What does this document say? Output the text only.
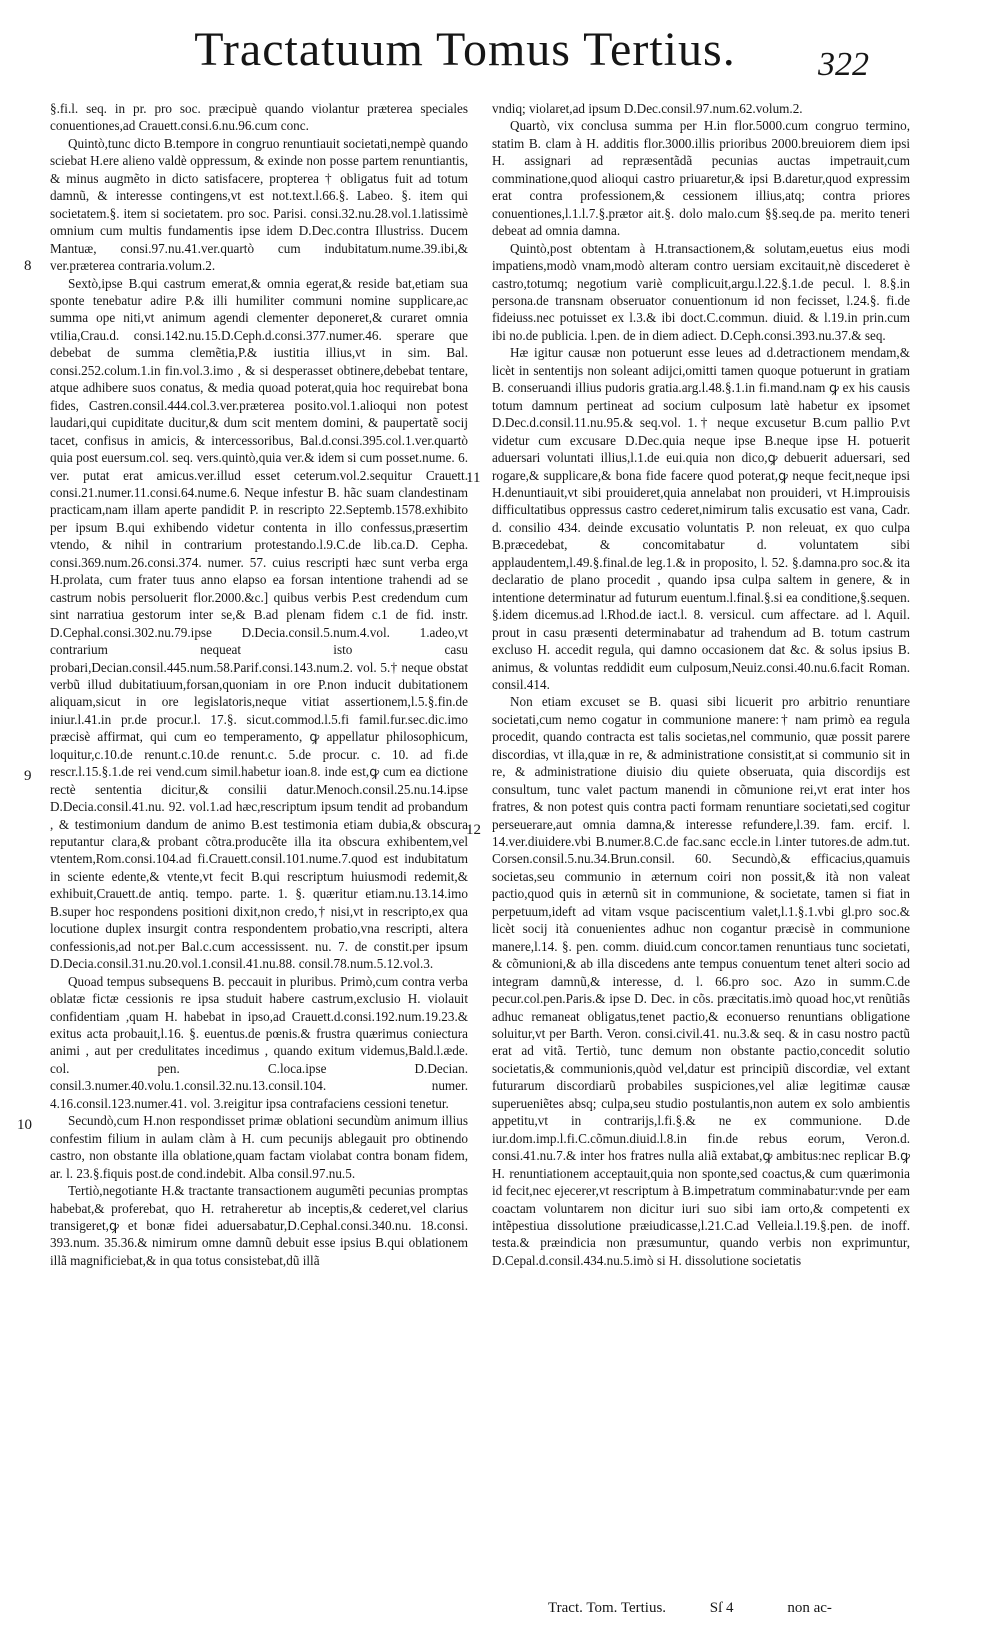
Tractatuum Tomus Tertius. 322

§.fi.l. seq. in pr. pro soc. præcipuè quando violantur præterea speciales conuentiones,ad Crauett.consi.6.nu.96.cum conc.

Quintò,tunc dicto B.tempore in congruo renuntiauit societati,nempè quando sciebat H.ere alieno valdè oppressum, & exinde non posse partem renuntiantis, & minus augmẽto in dicto satisfacere, propterea † obligatus fuit ad totum damnũ, & interesse contingens,vt est not.text.l.66.§. Labeo. §. item qui societatem.§. item si societatem. pro soc. Parisi. consi.32.nu.28.vol.1.latissimè omnium cum multis fundamentis ipse idem D.Dec.contra Illustriss. Ducem Mantuæ, consi.97.nu.41.ver.quartò cum indubitatum.nume.39.ibi,& ver.præterea contraria.volum.2.

Sextò,ipse B.qui castrum emerat,& omnia egerat,& reside bat,etiam sua sponte tenebatur adire P.& illi humiliter communi nomine supplicare,ac summa ope niti,vt animum agendi clementer deponeret,& curaret omnia vtilia,Crau.d. consi.142.nu.15.D.Ceph.d.consi.377.numer.46. sperare que debebat de summa clemẽtia,P.& iustitia illius,vt in sim. Bal. consi.252.colum.1.in fin.vol.3.imo , & si desperasset obtinere,debebat tentare, atque adhibere suos conatus, & media quoad poterat,quia hoc requirebat bona fides, Castren.consil.444.col.3.ver.præterea posito.vol.1.alioqui non potest laudari,qui cupiditate ducitur,& dum scit mentem domini, & paupertatẽ socij tacet, confisus in amicis, & intercessoribus, Bal.d.consi.395.col.1.ver.quartò quia post euersum.col. seq. vers.quintò,quia ver.& idem si cum posset.nume. 6. ver. putat erat amicus.ver.illud esset ceterum.vol.2.sequitur Crauett. consi.21.numer.11.consi.64.nume.6. Neque infestur B. hãc suam clandestinam practicam,nam illam aperte pandidit P. in rescripto 22.Septemb.1578.exhibito per ipsum B.qui exhibendo videtur contenta in illo confessus,præsertim vtendo, & nihil in contrarium protestando.l.9.C.de lib.ca.D. Cepha. consi.369.num.26.consi.374. numer. 57. cuius rescripti hæc sunt verba erga H.prolata, cum frater tuus anno elapso ea forsan intentione trahendi ad se castrum nobis persoluerit flor.2000.&c.] quibus verbis P.est credendum cum sint narratiua gestorum inter se,& B.ad plenam fidem c.1 de fid. instr. D.Cephal.consi.302.nu.79.ipse D.Decia.consil.5.num.4.vol. 1.adeo,vt contrarium nequeat isto casu probari,Decian.consil.445.num.58.Parif.consi.143.num.2. vol. 5.† neque obstat verbũ illud dubitatiuum,forsan,quoniam in ore P.non inducit dubitationem aliquam,sicut in ore legislatoris,neque vitiat assertionem,l.5.§.fin.de iniur.l.41.in pr.de procur.l. 17.§. sicut.commod.l.5.fi famil.fur.sec.dic.imo præcisè affirmat, qui cum eo temperamento, ꝙ appellatur philosophicum, loquitur,c.10.de renunt.c.10.de renunt.c. 5.de procur. c. 10. ad fi.de rescr.l.15.§.1.de rei vend.cum simil.habetur ioan.8. inde est,ꝙ cum ea dictione rectè sententia dicitur,& consilii datur.Menoch.consil.25.nu.14.ipse D.Decia.consil.41.nu. 92. vol.1.ad hæc,rescriptum ipsum tendit ad probandum , & testimonium dandum de animo B.est testimonia etiam dubia,& obscura reputantur clara,& probant cõtra.producẽte illa ita obscura exhibentem,vel vtentem,Rom.consi.104.ad fi.Crauett.consil.101.nume.7.quod est indubitatum in sciente edente,& vtente,vt fecit B.qui rescriptum huiusmodi redemit,& exhibuit,Crauett.de antiq. tempo. parte. 1. §. quæritur etiam.nu.13.14.imo B.super hoc respondens positioni dixit,non credo,† nisi,vt in rescripto,ex qua locutione duplex insurgit contra respondentem probatio,vna rescripti, altera confessionis,ad not.per Bal.c.cum accessissent. nu. 7. de constit.per ipsum D.Decia.consil.31.nu.20.vol.1.consil.41.nu.88. consil.78.num.5.12.vol.3.

Quoad tempus subsequens B. peccauit in pluribus. Primò,cum contra verba oblatæ fictæ cessionis re ipsa studuit habere castrum,exclusio H. violauit confidentiam ,quam H. habebat in ipso,ad Crauett.d.consi.192.num.19.23.& exitus acta probauit,l.16. §. euentus.de pœnis.& frustra quærimus coniectura animi , aut per credulitates incedimus , quando exitum videmus,Bald.l.æde. col. pen. C.loca.ipse D.Decian. consil.3.numer.40.volu.1.consil.32.nu.13.consil.104. numer. 4.16.consil.123.numer.41. vol. 3.reigitur ipsa contrafaciens cessioni tenetur.

Secundò,cum H.non respondisset primæ oblationi secundùm animum illius confestim filium in aulam clàm à H. cum pecunijs ablegauit pro obtinendo castro, non obstante illa oblatione,quam factam violabat contra bonam fidem, ar. l. 23.§.fiquis post.de cond.indebit. Alba consil.97.nu.5.

Tertiò,negotiante H.& tractante transactionem augumẽti pecunias promptas habebat,& proferebat, quo H. retraheretur ab inceptis,& cederet,vel clarius transigeret,ꝙ et bonæ fidei aduersabatur,D.Cephal.consi.340.nu. 18.consi. 393.num. 35.36.& nimirum omne damnũ debuit esse ipsius B.qui oblationem illã magnificiebat,& in qua totus consistebat,dũ illã

vndiq; violaret,ad ipsum D.Dec.consil.97.num.62.volum.2.

Quartò, vix conclusa summa per H.in flor.5000.cum congruo termino, statim B. clam à H. additis flor.3000.illis prioribus 2000.breuiorem diem ipsi H. assignari ad repræsentãdã pecunias auctas impetrauit,cum comminatione,quod alioqui castro priuaretur,& ipsi B.daretur,quod expressim erat contra professionem,& cessionem illius,atq; contra priores conuentiones,l.1.l.7.§.prætor ait.§. dolo malo.cum §§.seq.de pa. merito teneri debeat ad omnia damna.

Quintò,post obtentam à H.transactionem,& solutam,euetus eius modi impatiens,modò vnam,modò alteram contro uersiam excitauit,nè discederet è castro,totumq; negotium variè complicuit,argu.l.22.§.1.de pecul. l. 8.§.in persona.de transnam obseruator conuentionum id non fecisset, l.24.§. fi.de fideiuss.nec potuisset ex l.3.& ibi doct.C.commun. diuid. & l.19.in prin.cum ibi no.de publicia. l.pen. de in diem adiect. D.Ceph.consi.393.nu.37.& seq.

Hæ igitur causæ non potuerunt esse leues ad d.detractionem mendam,& licèt in sententijs non soleant adijci,omitti tamen quoque potuerunt in gratiam B. conseruandi illius pudoris gratia.arg.l.48.§.1.in fi.mand.nam ꝙ ex his causis totum damnum pertineat ad socium culposum latè habetur ex ipsomet D.Dec.d.consil.11.nu.95.& seq.vol. 1.† neque excusetur B.cum pallio P.vt videtur cum excusare D.Dec.quia neque ipse B.neque ipse H. potuerit aduersari voluntati illius,l.1.de eui.quia non dico,ꝙ debuerit aduersari, sed rogare,& supplicare,& bona fide facere quod poterat,ꝙ neque fecit,neque ipsi H.denuntiauit,vt sibi prouideret,quia annelabat non prouideri, vt H.improuisis difficultatibus oppressus castro cederet,nimirum talis excusatio est vana, Cadr. d. consilio 434. deinde excusatio voluntatis P. non releuat, ex quo culpa B.præcedebat, & concomitabatur d. voluntatem sibi applaudentem,l.49.§.final.de leg.1.& in proposito, l. 52. §.damna.pro soc.& ita declaratio de plano procedit , quando ipsa culpa saltem in genere, & in intentione determinatur ad futurum euentum.l.final.§.si ea conditione,§.sequen. §.idem dicemus.ad l.Rhod.de iact.l. 8. versicul. cum affectare. ad l. Aquil. prout in casu præsenti determinabatur ad trahendum ad B. totum castrum excluso H. accedit regula, qui damno occasionem dat &c. & solus ipsius B. animus, & voluntas reddidit eum culposum,Neuiz.consi.40.nu.6.facit Roman. consil.414.

Non etiam excuset se B. quasi sibi licuerit pro arbitrio renuntiare societati,cum nemo cogatur in communione manere:† nam primò ea regula procedit, quando contracta est talis societas,nel communio, quæ possit parere discordias, vt illa,quæ in re, & administratione consistit,at si communio sit in re, & administratione diuisio diu quiete obseruata, quia discordijs est consultum, tunc valet pactum manendi in cõmunione rei,vt erat inter hos fratres, & non potest quis contra pacti formam renuntiare societati,sed cogitur perseuerare,aut omnia damna,& interesse refundere,l.39. fam. ercif. l. 14.ver.diuidere.vbi B.numer.8.C.de fac.sanc eccle.in l.inter tutores.de adm.tut. Corsen.consil.5.nu.34.Brun.consil. 60. Secundò,& efficacius,quamuis societas,seu communio in æternum coiri non possit,& ità non valeat pactio,quod quis in æternũ sit in communione, & societate, tamen si fiat in perpetuum,ideft ad vitam vsque paciscentium valet,l.1.§.1.vbi gl.pro soc.& licèt socij ità conuenientes adhuc non cogantur præcisè in communione manere,l.14. §. pen. comm. diuid.cum concor.tamen renuntiaus tunc societati, & cõmunioni,& ab illa discedens ante tempus conuentum tenet alteri socio ad integram damnũ,& interesse, d. l. 66.pro soc. Azo in summ.C.de pecur.col.pen.Paris.& ipse D. Dec. in cõs. præcitatis.imò quoad hoc,vt renũtiãs adhuc remaneat obligatus,tenet pactio,& econuerso renuntians obligatione soluitur,vt per Barth. Veron. consi.civil.41. nu.3.& seq. & in casu nostro pactũ erat ad vitã. Tertiò, tunc demum non obstante pactio,concedit solutio societatis,& communionis,quòd vel,datur est principiũ discordiæ, vel extant futurarum discordiarũ probabiles suspiciones,vel aliæ legitimæ causæ superueniẽtes absq; culpa,seu studio postulantis,non autem ex solo ambientis appetitu,vt in contrarijs,l.fi.§.& ne ex communione. D.de iur.dom.imp.l.fi.C.cõmun.diuid.l.8.in fin.de rebus eorum, Veron.d. consi.41.nu.7.& inter hos fratres nulla aliã extabat,ꝙ ambitus:nec replicar B.ꝙ H. renuntiationem acceptauit,quia non sponte,sed coactus,& cum quærimonia id fecit,nec ejecerer,vt rescriptum à B.impetratum comminabatur:vnde per eam coactam voluntarem non dicitur iuri suo sibi iam orto,& competenti ex intẽpestiua dissolutione præiudicasse,l.21.C.ad Velleia.l.19.§.pen. de inoff. testa.& præindicia non præsumuntur, quando verbis non exprimuntur, D.Cepal.d.consil.434.nu.5.imò si H. dissolutione societatis

8
9
10
11
12
Tract. Tom. Tertius.	Sſ 4	non ac-
